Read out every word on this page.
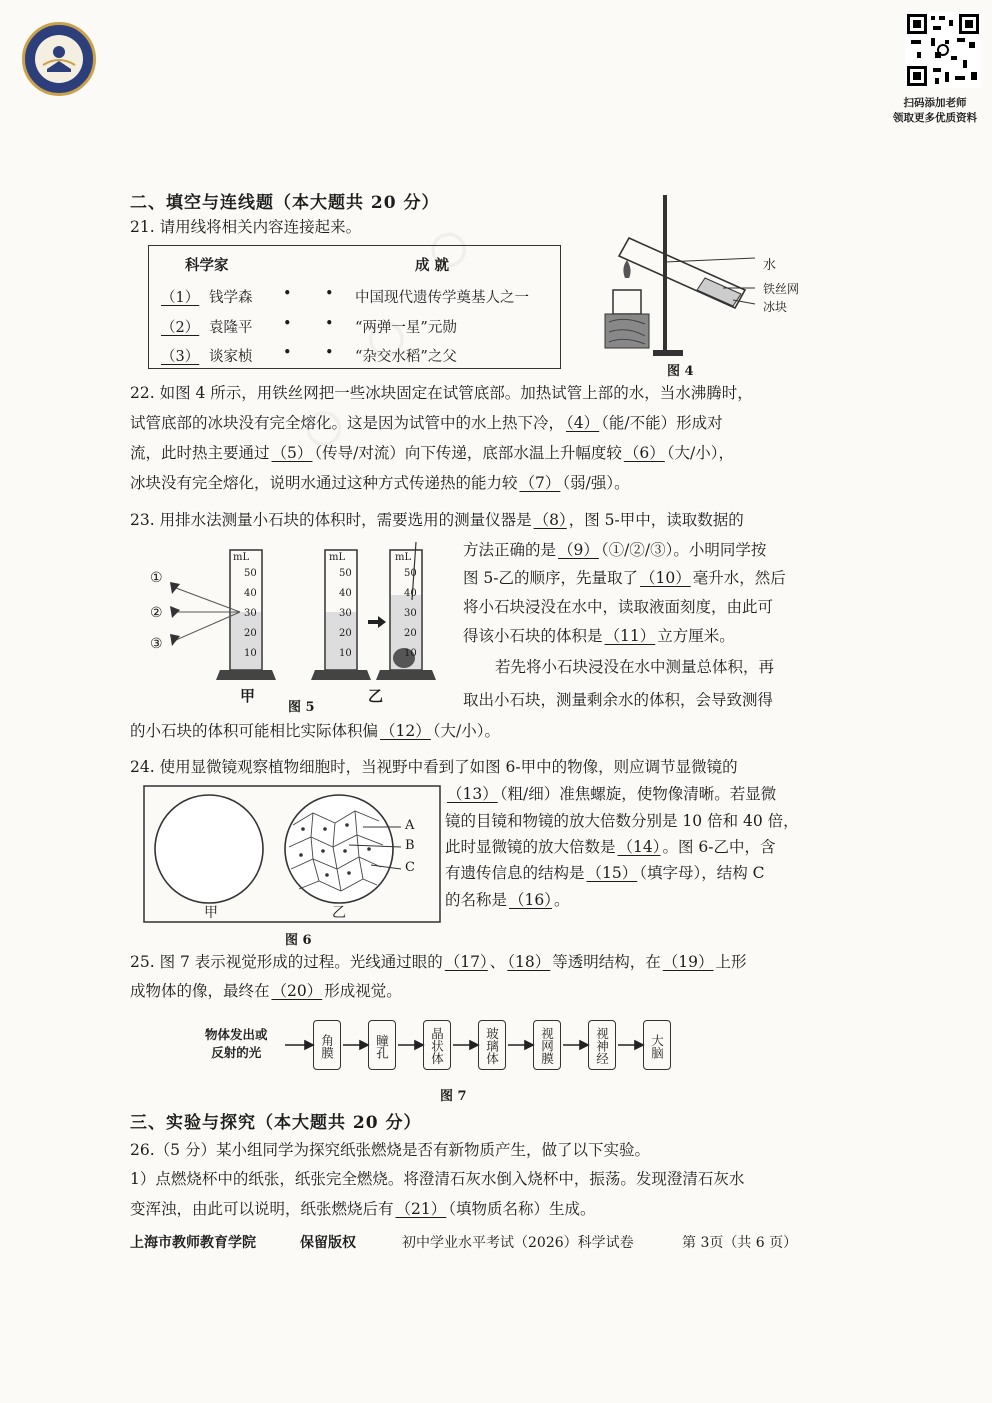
扫码添加老师
领取更多优质资料
二、填空与连线题（本大题共 20 分）
21. 请用线将相关内容连接起来。
科学家	成 就
（1） 钱学森 • • 中国现代遗传学奠基人之一
（2） 袁隆平 • • “两弹一星”元勋
（3） 谈家桢 • • “杂交水稻”之父
水
铁丝网
冰块
图 4
22. 如图 4 所示，用铁丝网把一些冰块固定在试管底部。加热试管上部的水，当水沸腾时，
试管底部的冰块没有完全熔化。这是因为试管中的水上热下冷， （4） （能/不能）形成对
流，此时热主要通过 （5） （传导/对流）向下传递，底部水温上升幅度较 （6） （大/小），
冰块没有完全熔化，说明水通过这种方式传递热的能力较 （7） （弱/强）。
23. 用排水法测量小石块的体积时，需要选用的测量仪器是 （8） ，图 5-甲中，读取数据的
方法正确的是 （9） （①/②/③）。小明同学按
图 5-乙的顺序，先量取了 （10） 毫升水，然后
将小石块浸没在水中，读取液面刻度，由此可
得该小石块的体积是 （11） 立方厘米。
若先将小石块浸没在水中测量总体积，再
取出小石块，测量剩余水的体积，会导致测得
的小石块的体积可能相比实际体积偏 （12） （大/小）。
mL	mL	mL
50
40
30
20
10
50
40
30
20
10
50
40
30
20
10
①
②
③
甲	乙
图 5
24. 使用显微镜观察植物细胞时，当视野中看到了如图 6-甲中的物像，则应调节显微镜的
（13） （粗/细）准焦螺旋，使物像清晰。若显微
镜的目镜和物镜的放大倍数分别是 10 倍和 40 倍，
此时显微镜的放大倍数是 （14） 。图 6-乙中，含
有遗传信息的结构是 （15） （填字母），结构 C
的名称是 （16） 。
A
B
C
甲	乙
图 6
25. 图 7 表示视觉形成的过程。光线通过眼的 （17） 、 （18） 等透明结构，在 （19） 上形
成物体的像，最终在 （20） 形成视觉。
物体发出或
反射的光	角膜	瞳孔	晶状体	玻璃体	视网膜	视神经	大脑
图 7
三、实验与探究（本大题共 20 分）
26.（5 分）某小组同学为探究纸张燃烧是否有新物质产生，做了以下实验。
1）点燃烧杯中的纸张，纸张完全燃烧。将澄清石灰水倒入烧杯中，振荡。发现澄清石灰水
变浑浊，由此可以说明，纸张燃烧后有 （21） （填物质名称）生成。
上海市教师教育学院	保留版权	初中学业水平考试（2026）科学试卷	第 3页（共 6 页）
